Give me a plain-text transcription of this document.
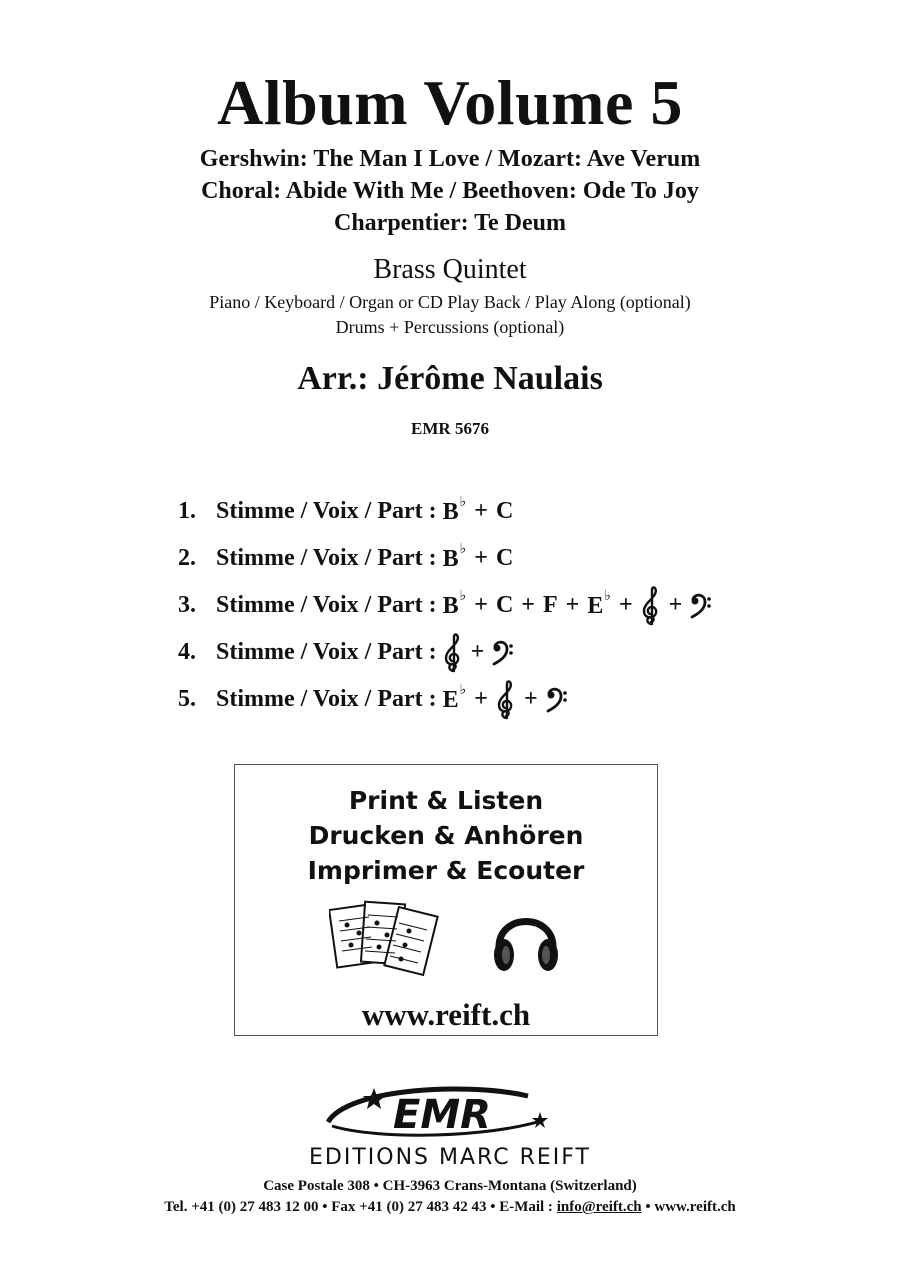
Album Volume 5
Gershwin: The Man I Love / Mozart: Ave Verum
Choral: Abide With Me / Beethoven: Ode To Joy
Charpentier: Te Deum
Brass Quintet
Piano / Keyboard / Organ or CD Play Back / Play Along (optional)
Drums + Percussions (optional)
Arr.: Jérôme Naulais
EMR 5676
1. Stimme / Voix / Part : B♭ + C
2. Stimme / Voix / Part : B♭ + C
3. Stimme / Voix / Part : B♭ + C + F + E♭ + +
4. Stimme / Voix / Part : +
5. Stimme / Voix / Part : E♭ + +
Print & Listen
Drucken & Anhören
Imprimer & Ecouter
www.reift.ch
EMR
EDITIONS MARC REIFT
Case Postale 308 • CH-3963 Crans-Montana (Switzerland)
Tel. +41 (0) 27 483 12 00 • Fax +41 (0) 27 483 42 43 • E-Mail : info@reift.ch • www.reift.ch
